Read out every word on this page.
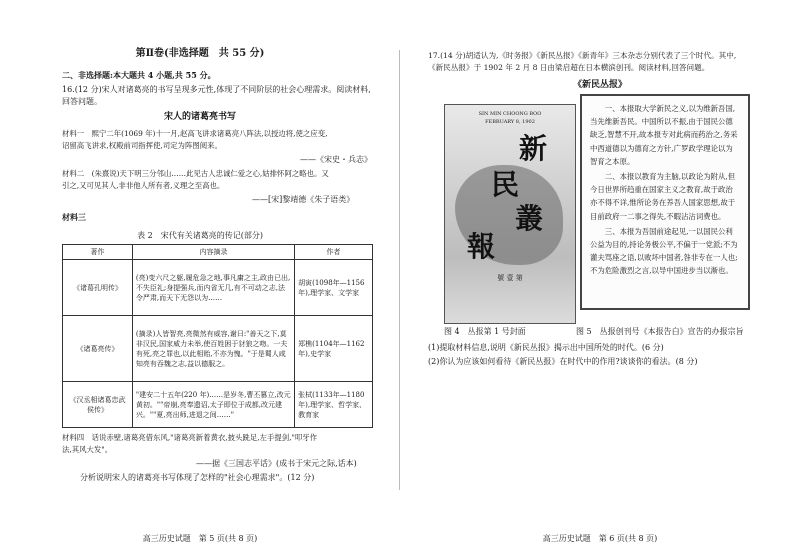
第Ⅱ卷(非选择题　共 55 分)
二、非选择题:本大题共 4 小题,共 55 分。
16.(12 分)宋人对诸葛亮的书写呈现多元性,体现了不同阶层的社会心理需求。阅读材料,
回答问题。
宋人的诸葛亮书写
材料一　熙宁二年(1069 年)十一月,赵高飞讲求诸葛亮八阵法,以授边将,使之应变,
诏留高飞讲求,权殿前司指挥使,司定为阵图阅来。
——《宋史・兵志》
材料二　(朱熹说)天下明三分邻山……此见古人忠诚仁爱之心,姑排怀阿之略也。又
引之,又可见其人,非非他人所有者,义理之至高也。
——[宋]黎靖德《朱子语类》
材料三
表 2　宋代有关诸葛亮的传记(部分)
著作	内容摘录	作者
《诸葛孔明传》	(亮)变六尺之躯,履危急之地,事凡庸之主,政由已出,不失臣礼;身提强兵,而内省无几,有不可动之志,法令严肃,而天下无怨以为……	胡寅(1098年—1156年),理学家、文学家
《诸葛亮传》	(摘录)人皆智亮,亮微然有威容,谢曰:"善天之下,莫非汉民,国家威力未举,使百姓困于豺狼之吻。一夫有死,亮之罪也,以此相贻,不亦为愧。"于是蜀人咸知亮有吞魏之志,益以德服之。	郑樵(1104年—1162年),史学家
《汉丞相诸葛忠武侯传》	"建安二十五年(220 年)……是岁冬,曹丕篡立,改元黄初。""帝崩,亮奉遗诏,太子即位于成都,改元建兴。""夏,亮出师,进退之间……"	张栻(1133年—1180年),理学家、哲学家、教育家
材料四　话说赤壁,诸葛亮借东风,"诸葛亮新着黄衣,披头跣足,左手提剑,"叩牙作
法,其风大发"。
——据《三国志平话》(成书于宋元之际,话本)
分析说明宋人的诸葛亮书写体现了怎样的"社会心理需求"。(12 分)
高三历史试题　第 5 页(共 8 页)
17.(14 分)胡适认为,《时务报》《新民丛报》《新青年》三本杂志分别代表了三个时代。其中,
《新民丛报》于 1902 年 2 月 8 日由梁启超在日本横滨创刊。阅读材料,回答问题。
《新民丛报》
SIN MIN CHOONG BOO
FEBRUARY 8, 1902
新
民
叢
報
號 壹 第

一、本报取大学新民之义,以为维新吾国,当先维新吾民。中国所以不振,由于国民公德缺乏,智慧不开,故本报专对此病而药治之,务采中西道德以为德育之方针,广罗政学理论以为智育之本原。

二、本报以教育为主脑,以政论为附从,但今日世界所趋重在国家主义之教育,故于政治亦不得不详,惟所论务在养吾人国家思想,故于目前政府一二事之得失,不暇沾沾词费也。

三、本报为吾国前途起见,一以国民公利公益为目的,持论务极公平,不偏于一党派;不为灌夫骂座之语,以败坏中国者,咎非专在一人也;不为危险激烈之言,以导中国进步当以渐也。

图 4　丛报第 1 号封面	图 5　丛报创刊号《本报告白》宣告的办报宗旨
(1)提取材料信息,说明《新民丛报》揭示出中国所处的时代。(6 分)
(2)你认为应该如何看待《新民丛报》在时代中的作用?谈谈你的看法。(8 分)
高三历史试题　第 6 页(共 8 页)
